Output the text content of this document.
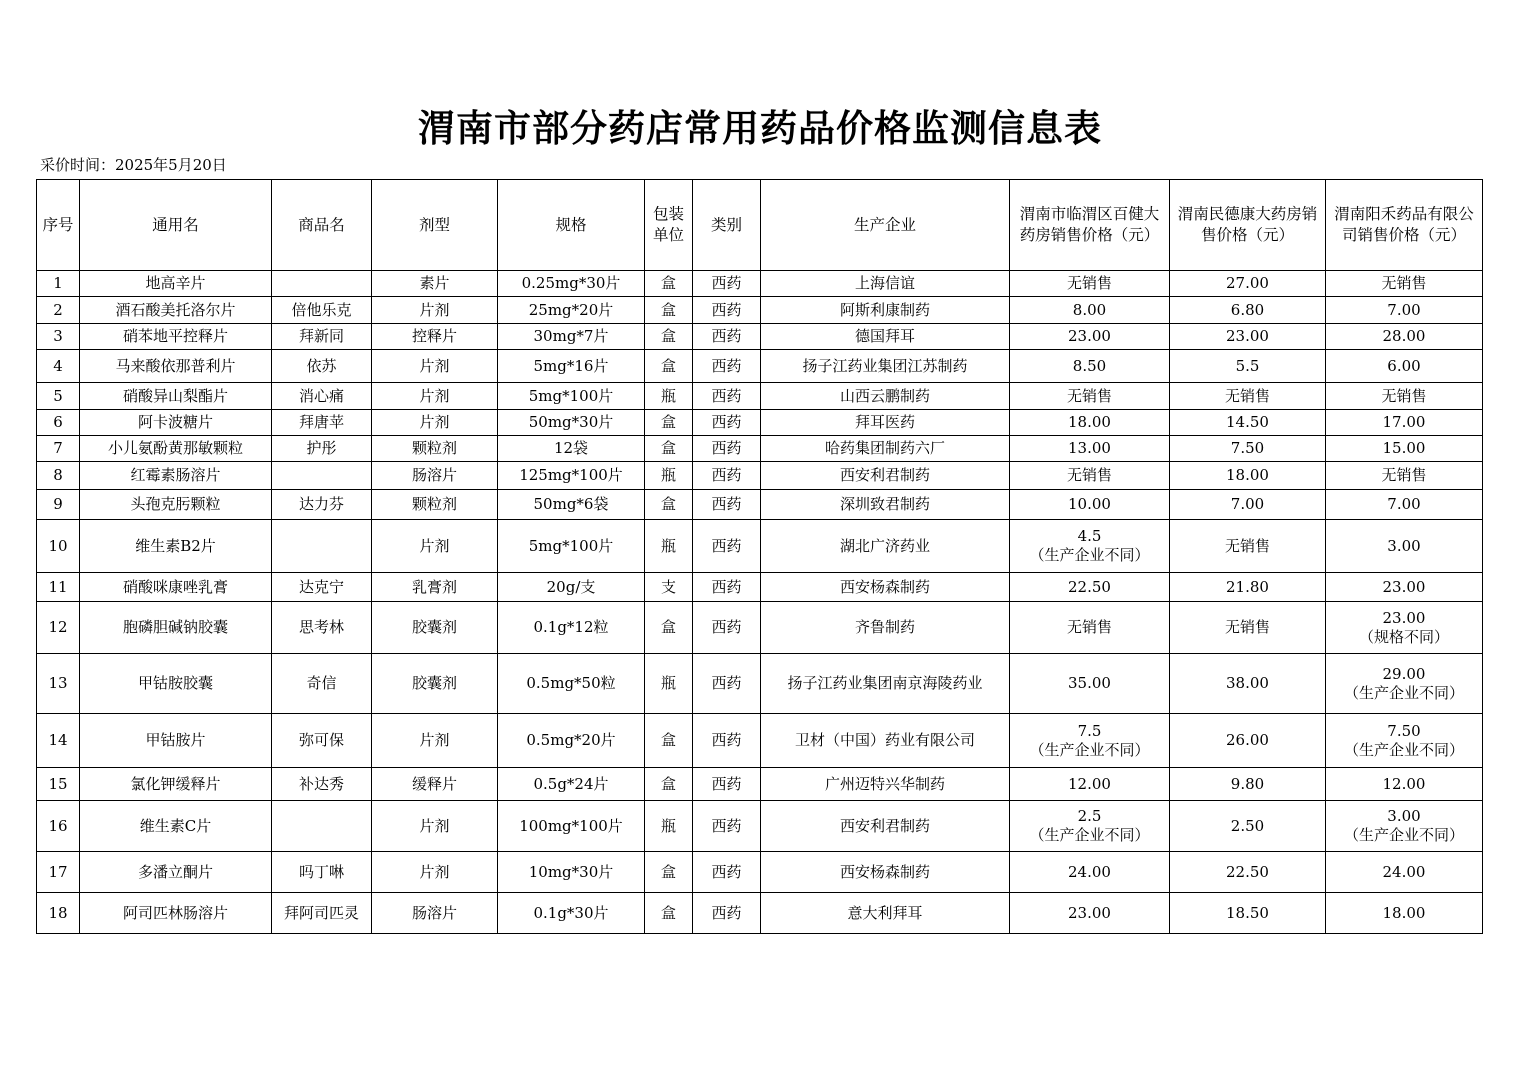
渭南市部分药店常用药品价格监测信息表
采价时间：2025年5月20日
序号	通用名	商品名	剂型	规格	包装单位	类别	生产企业	渭南市临渭区百健大药房销售价格（元）	渭南民德康大药房销售价格（元）	渭南阳禾药品有限公司销售价格（元）
1	地高辛片		素片	0.25mg*30片	盒	西药	上海信谊	无销售	27.00	无销售

2	酒石酸美托洛尔片	倍他乐克	片剂	25mg*20片	盒	西药	阿斯利康制药	8.00	6.80	7.00

3	硝苯地平控释片	拜新同	控释片	30mg*7片	盒	西药	德国拜耳	23.00	23.00	28.00

4	马来酸依那普利片	依苏	片剂	5mg*16片	盒	西药	扬子江药业集团江苏制药	8.50	5.5	6.00

5	硝酸异山梨酯片	消心痛	片剂	5mg*100片	瓶	西药	山西云鹏制药	无销售	无销售	无销售

6	阿卡波糖片	拜唐苹	片剂	50mg*30片	盒	西药	拜耳医药	18.00	14.50	17.00

7	小儿氨酚黄那敏颗粒	护彤	颗粒剂	12袋	盒	西药	哈药集团制药六厂	13.00	7.50	15.00

8	红霉素肠溶片		肠溶片	125mg*100片	瓶	西药	西安利君制药	无销售	18.00	无销售

9	头孢克肟颗粒	达力芬	颗粒剂	50mg*6袋	盒	西药	深圳致君制药	10.00	7.00	7.00

10	维生素B2片		片剂	5mg*100片	瓶	西药	湖北广济药业	4.5
（生产企业不同）	无销售	3.00

11	硝酸咪康唑乳膏	达克宁	乳膏剂	20g/支	支	西药	西安杨森制药	22.50	21.80	23.00

12	胞磷胆碱钠胶囊	思考林	胶囊剂	0.1g*12粒	盒	西药	齐鲁制药	无销售	无销售	23.00
（规格不同）

13	甲钴胺胶囊	奇信	胶囊剂	0.5mg*50粒	瓶	西药	扬子江药业集团南京海陵药业	35.00	38.00	29.00
（生产企业不同）

14	甲钴胺片	弥可保	片剂	0.5mg*20片	盒	西药	卫材（中国）药业有限公司	7.5
（生产企业不同）	26.00	7.50
（生产企业不同）

15	氯化钾缓释片	补达秀	缓释片	0.5g*24片	盒	西药	广州迈特兴华制药	12.00	9.80	12.00

16	维生素C片		片剂	100mg*100片	瓶	西药	西安利君制药	2.5
（生产企业不同）	2.50	3.00
（生产企业不同）

17	多潘立酮片	吗丁啉	片剂	10mg*30片	盒	西药	西安杨森制药	24.00	22.50	24.00

18	阿司匹林肠溶片	拜阿司匹灵	肠溶片	0.1g*30片	盒	西药	意大利拜耳	23.00	18.50	18.00
